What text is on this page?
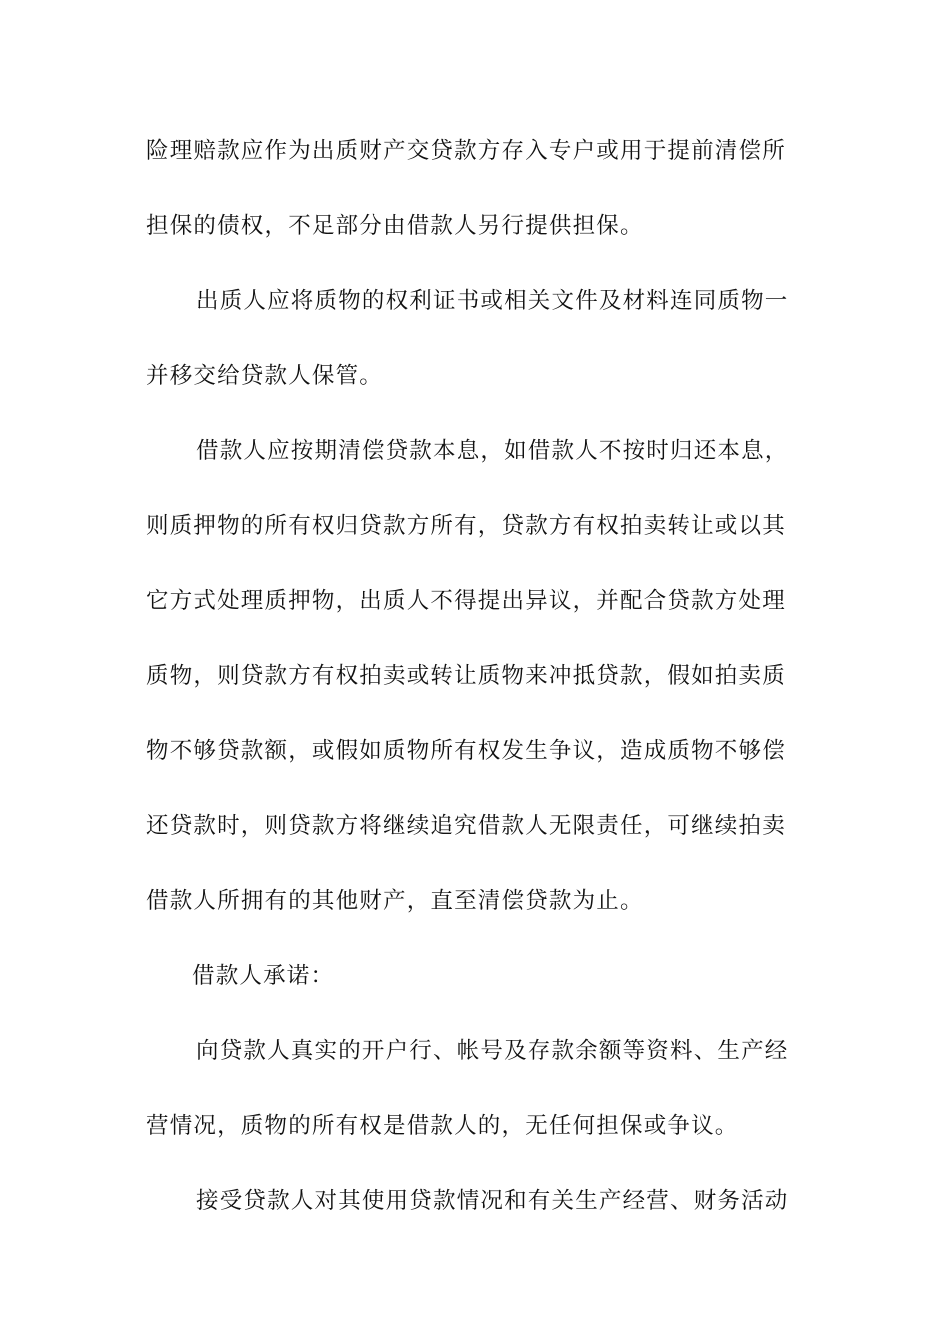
险理赔款应作为出质财产交贷款方存入专户或用于提前清偿所
担保的债权，不足部分由借款人另行提供担保。
出质人应将质物的权利证书或相关文件及材料连同质物一
并移交给贷款人保管。
借款人应按期清偿贷款本息，如借款人不按时归还本息，
则质押物的所有权归贷款方所有，贷款方有权拍卖转让或以其
它方式处理质押物，出质人不得提出异议，并配合贷款方处理
质物，则贷款方有权拍卖或转让质物来冲抵贷款，假如拍卖质
物不够贷款额，或假如质物所有权发生争议，造成质物不够偿
还贷款时，则贷款方将继续追究借款人无限责任，可继续拍卖
借款人所拥有的其他财产，直至清偿贷款为止。
借款人承诺：
向贷款人真实的开户行、帐号及存款余额等资料、生产经
营情况，质物的所有权是借款人的，无任何担保或争议。
接受贷款人对其使用贷款情况和有关生产经营、财务活动
